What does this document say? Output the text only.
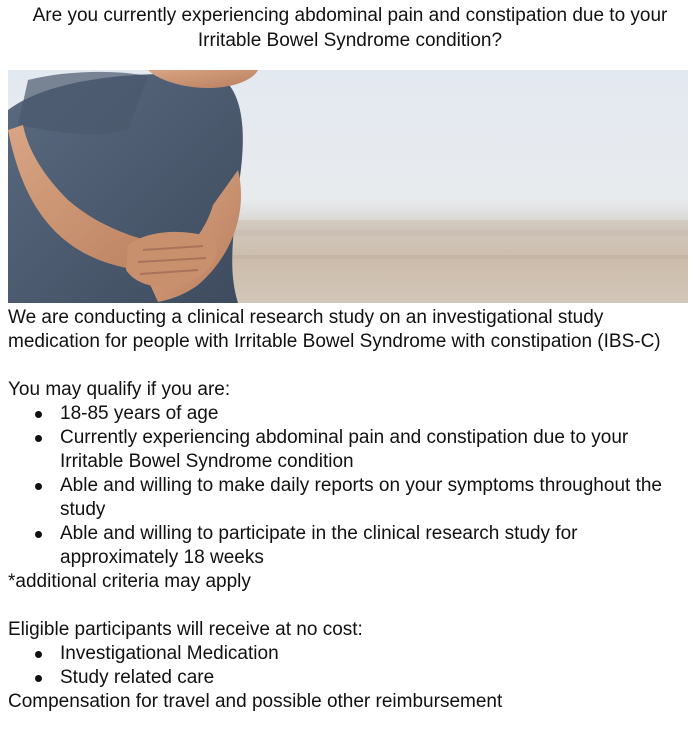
Are you currently experiencing abdominal pain and constipation due to your
Irritable Bowel Syndrome condition?

We are conducting a clinical research study on an investigational study medication for people with Irritable Bowel Syndrome with constipation (IBS-C)

You may qualify if you are:

18-85 years of age
Currently experiencing abdominal pain and constipation due to your Irritable Bowel Syndrome condition
Able and willing to make daily reports on your symptoms throughout the study
Able and willing to participate in the clinical research study for approximately 18 weeks

*additional criteria may apply

Eligible participants will receive at no cost:

Investigational Medication
Study related care

Compensation for travel and possible other reimbursement
